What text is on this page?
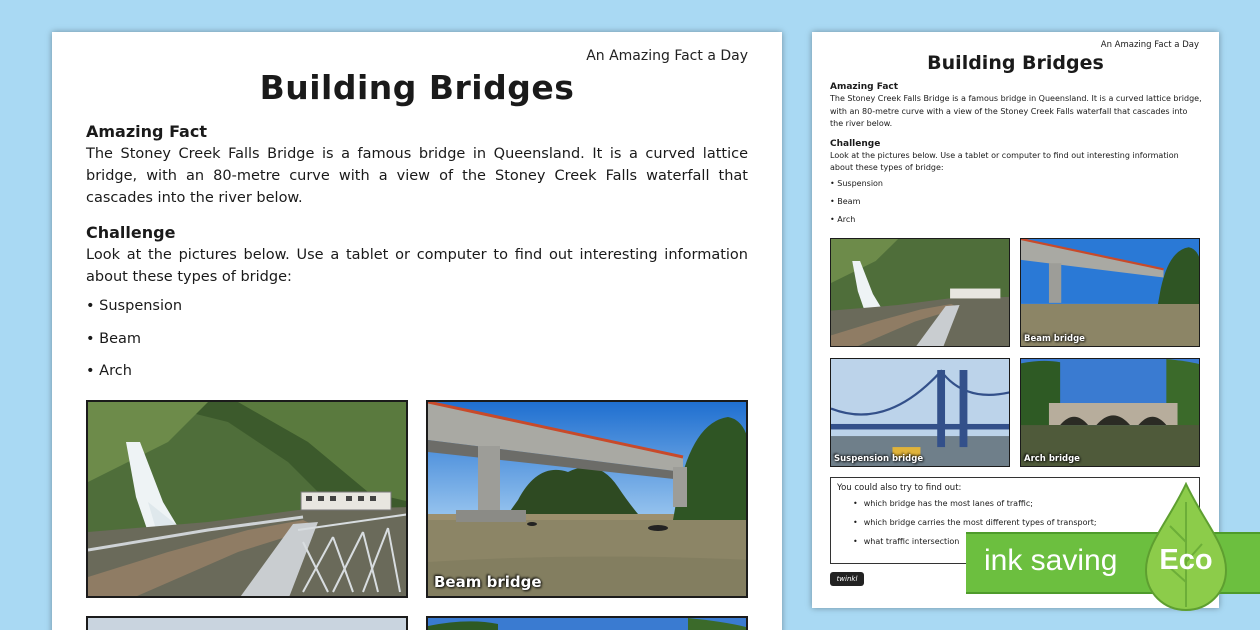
An Amazing Fact a Day
Building Bridges
Amazing Fact

The Stoney Creek Falls Bridge is a famous bridge in Queensland. It is a curved lattice bridge, with an 80-metre curve with a view of the Stoney Creek Falls waterfall that cascades into the river below.

Challenge

Look at the pictures below. Use a tablet or computer to find out interesting information about these types of bridge:

• Suspension
• Beam
• Arch
Beam bridge
An Amazing Fact a Day
Building Bridges
Amazing Fact

The Stoney Creek Falls Bridge is a famous bridge in Queensland. It is a curved lattice bridge, with an 80-metre curve with a view of the Stoney Creek Falls waterfall that cascades into the river below.

Challenge

Look at the pictures below. Use a tablet or computer to find out interesting information about these types of bridge:

• Suspension
• Beam
• Arch
Beam bridge
Suspension bridge	Arch bridge
You could also try to find out:
• which bridge has the most lanes of traffic;
• which bridge carries the most different types of transport;
• what traffic intersection
twinkl
ink saving	Eco
